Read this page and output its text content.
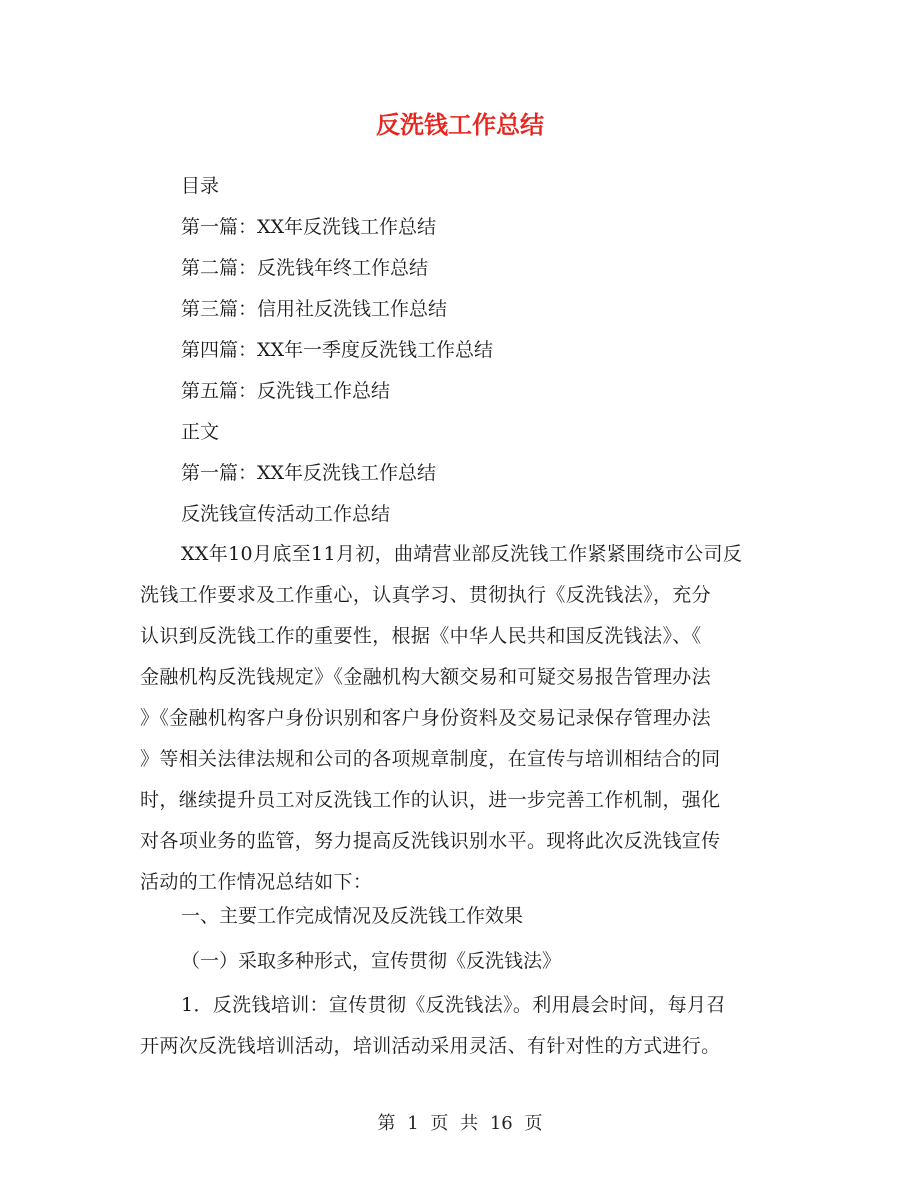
反洗钱工作总结
目录
第一篇：XX年反洗钱工作总结
第二篇：反洗钱年终工作总结
第三篇：信用社反洗钱工作总结
第四篇：XX年一季度反洗钱工作总结
第五篇：反洗钱工作总结
正文
第一篇：XX年反洗钱工作总结
反洗钱宣传活动工作总结
XX年10月底至11月初，曲靖营业部反洗钱工作紧紧围绕市公司反
洗钱工作要求及工作重心，认真学习、贯彻执行《反洗钱法》，充分
认识到反洗钱工作的重要性，根据《中华人民共和国反洗钱法》、《
金融机构反洗钱规定》《金融机构大额交易和可疑交易报告管理办法
》《金融机构客户身份识别和客户身份资料及交易记录保存管理办法
》等相关法律法规和公司的各项规章制度，在宣传与培训相结合的同
时，继续提升员工对反洗钱工作的认识，进一步完善工作机制，强化
对各项业务的监管，努力提高反洗钱识别水平。现将此次反洗钱宣传
活动的工作情况总结如下：
一、主要工作完成情况及反洗钱工作效果
（一）采取多种形式，宣传贯彻《反洗钱法》
1．反洗钱培训：宣传贯彻《反洗钱法》。利用晨会时间，每月召
开两次反洗钱培训活动，培训活动采用灵活、有针对性的方式进行。
第 1 页 共 16 页
